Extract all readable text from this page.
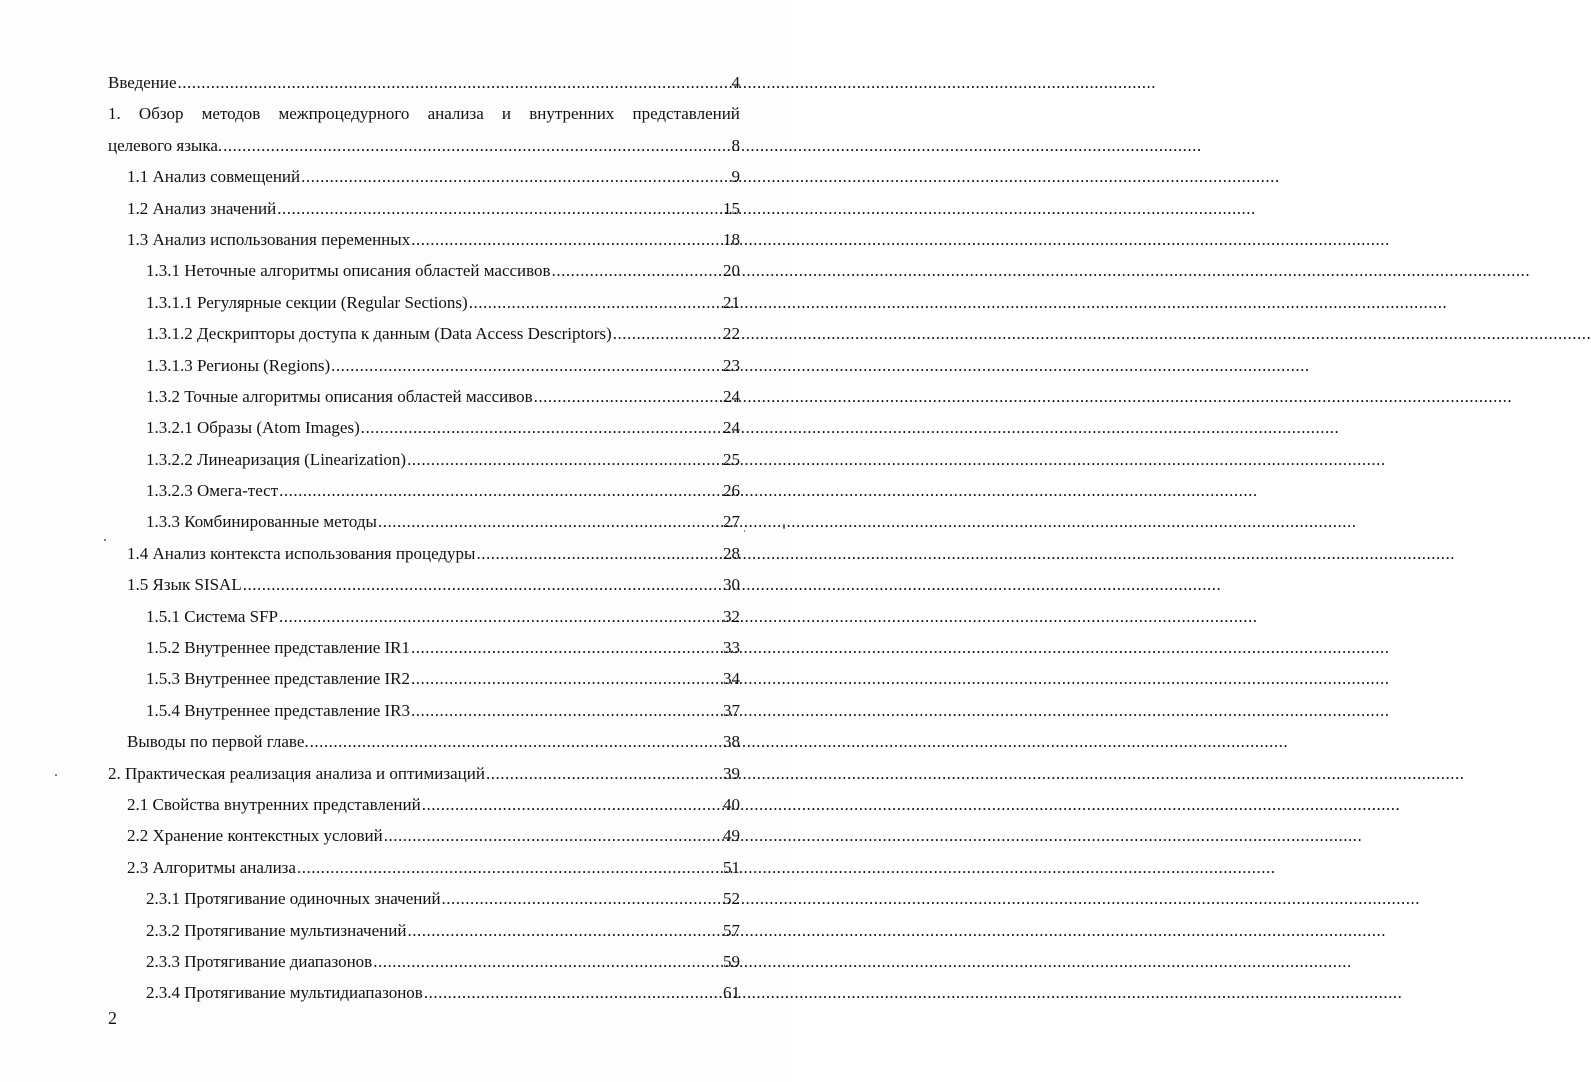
Введение .....	4
1. Обзор методов межпроцедурного анализа и внутренних представлений
целевого языка. .....	8
1.1 Анализ совмещений .....	9
1.2 Анализ значений .....	15
1.3 Анализ использования переменных .....	18
1.3.1 Неточные алгоритмы описания областей массивов .....	20
1.3.1.1 Регулярные секции (Regular Sections) .....	21
1.3.1.2 Дескрипторы доступа к данным (Data Access Descriptors) .....	22
1.3.1.3 Регионы (Regions) .....	23
1.3.2 Точные алгоритмы описания областей массивов .....	24
1.3.2.1 Образы (Atom Images) .....	24
1.3.2.2 Линеаризация (Linearization) .....	25
1.3.2.3 Омега-тест .....	26
1.3.3 Комбинированные методы .....	27
1.4 Анализ контекста использования процедуры .....	28
1.5 Язык SISAL .....	30
1.5.1 Система SFP .....	32
1.5.2 Внутреннее представление IR1 .....	33
1.5.3 Внутреннее представление IR2 .....	34
1.5.4 Внутреннее представление IR3 .....	37
Выводы по первой главе. .....	38
2. Практическая реализация анализа и оптимизаций .....	39
2.1 Свойства внутренних представлений .....	40
2.2 Хранение контекстных условий .....	49
2.3 Алгоритмы анализа .....	51
2.3.1 Протягивание одиночных значений .....	52
2.3.2 Протягивание мультизначений .....	57
2.3.3 Протягивание диапазонов .....	59
2.3.4 Протягивание мультидиапазонов .....	61
2
